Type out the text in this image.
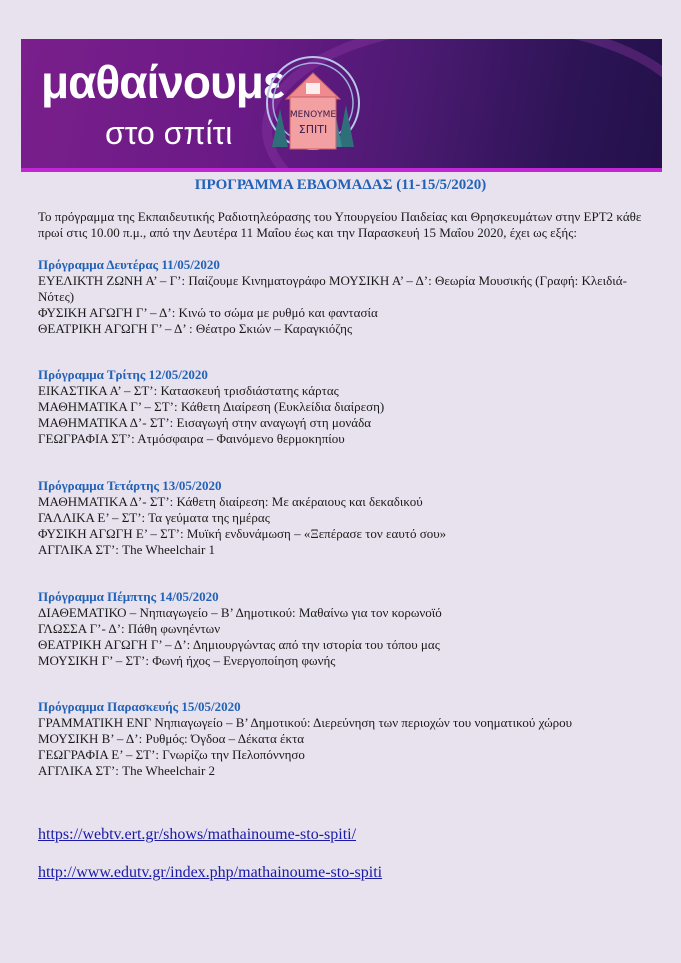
μαθαίνουμε
στο σπίτι	ΜΕΝΟΥΜΕ
ΣΠΙΤΙ
ΠΡΟΓΡΑΜΜΑ ΕΒΔΟΜΑΔΑΣ (11-15/5/2020)
Το πρόγραμμα της Εκπαιδευτικής Ραδιοτηλεόρασης του Υπουργείου Παιδείας και Θρησκευμάτων στην ΕΡΤ2 κάθε πρωί στις 10.00 π.μ., από την Δευτέρα 11 Μαΐου έως και την Παρασκευή 15 Μαΐου 2020, έχει ως εξής:
Πρόγραμμα Δευτέρας 11/05/2020
ΕΥΕΛΙΚΤΗ ΖΩΝΗ Α’ – Γ’: Παίζουμε Κινηματογράφο ΜΟΥΣΙΚΗ Α’ – Δ’: Θεωρία Μουσικής (Γραφή: Κλειδιά-Νότες)
ΦΥΣΙΚΗ ΑΓΩΓΗ Γ’ – Δ’: Κινώ το σώμα με ρυθμό και φαντασία
ΘΕΑΤΡΙΚΗ ΑΓΩΓΗ Γ’ – Δ’ : Θέατρο Σκιών – Καραγκιόζης
Πρόγραμμα Τρίτης 12/05/2020
ΕΙΚΑΣΤΙΚΑ Α’ – ΣΤ’: Κατασκευή τρισδιάστατης κάρτας
ΜΑΘΗΜΑΤΙΚΑ Γ’ – ΣΤ’: Κάθετη Διαίρεση (Ευκλείδια διαίρεση)
ΜΑΘΗΜΑΤΙΚΑ Δ’- ΣΤ’: Εισαγωγή στην αναγωγή στη μονάδα
ΓΕΩΓΡΑΦΙΑ ΣΤ’: Ατμόσφαιρα – Φαινόμενο θερμοκηπίου
Πρόγραμμα Τετάρτης 13/05/2020
ΜΑΘΗΜΑΤΙΚΑ Δ’- ΣΤ’: Κάθετη διαίρεση: Με ακέραιους και δεκαδικού
ΓΑΛΛΙΚΑ Ε’ – ΣΤ’: Τα γεύματα της ημέρας
ΦΥΣΙΚΗ ΑΓΩΓΗ Ε’ – ΣΤ’: Μυϊκή ενδυνάμωση – «Ξεπέρασε τον εαυτό σου»
ΑΓΓΛΙΚΑ ΣΤ’: The Wheelchair 1
Πρόγραμμα Πέμπτης 14/05/2020
ΔΙΑΘΕΜΑΤΙΚΟ – Νηπιαγωγείο – Β’ Δημοτικού: Μαθαίνω για τον κορωνοϊό
ΓΛΩΣΣΑ Γ’- Δ’: Πάθη φωνηέντων
ΘΕΑΤΡΙΚΗ ΑΓΩΓΗ Γ’ – Δ’: Δημιουργώντας από την ιστορία του τόπου μας
ΜΟΥΣΙΚΗ Γ’ – ΣΤ’: Φωνή ήχος – Ενεργοποίηση φωνής
Πρόγραμμα Παρασκευής 15/05/2020
ΓΡΑΜΜΑΤΙΚΗ ΕΝΓ Νηπιαγωγείο – Β’ Δημοτικού: Διερεύνηση των περιοχών του νοηματικού χώρου
ΜΟΥΣΙΚΗ Β’ – Δ’: Ρυθμός: Όγδοα – Δέκατα έκτα
ΓΕΩΓΡΑΦΙΑ Ε’ – ΣΤ’: Γνωρίζω την Πελοπόννησο
ΑΓΓΛΙΚΑ ΣΤ’: The Wheelchair 2
https://webtv.ert.gr/shows/mathainoume-sto-spiti/
http://www.edutv.gr/index.php/mathainoume-sto-spiti
